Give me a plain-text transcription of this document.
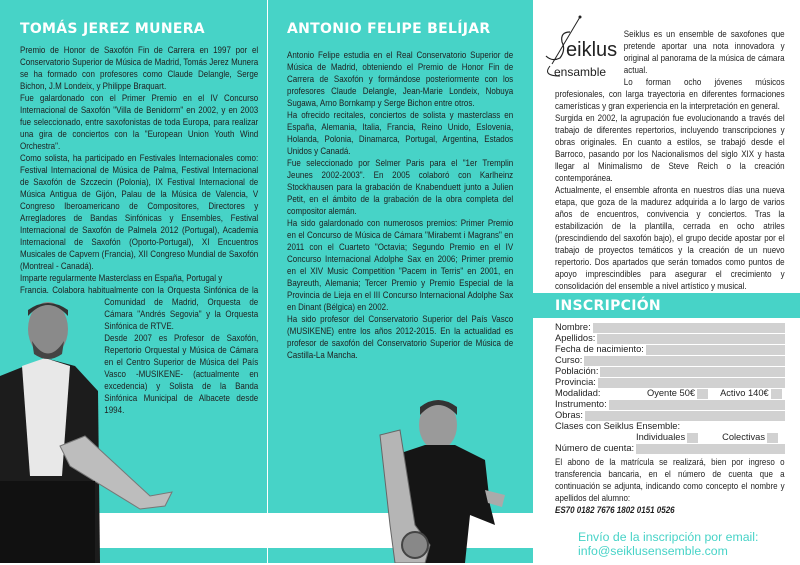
TOMÁS JEREZ MUNERA

Premio de Honor de Saxofón Fin de Carrera en 1997 por el Conservatorio Superior de Música de Madrid, Tomás Jerez Munera se ha formado con profesores como Claude Delangle, Serge Bichon, J.M Londeix, y Philippe Braquart.

Fue galardonado con el Primer Premio en el IV Concurso Internacional de Saxofón "Villa de Benidorm" en 2002, y en 2003 fue seleccionado, entre saxofonistas de toda Europa, para realizar una gira de conciertos con la "European Union Youth Wind Orchestra".

Como solista, ha participado en Festivales Internacionales como: Festival Internacional de Música de Palma, Festival Internacional de Saxofón de Szczecin (Polonia), IX Festival Internacional de Música Antigua de Gijón, Palau de la Música de Valencia, V Congreso Iberoamericano de Compositores, Directores y Arregladores de Bandas Sinfónicas y Ensembles, Festival Internacional de Saxofón de Palmela 2012 (Portugal), Academia Internacional de Saxofón (Oporto-Portugal), XI Encuentros Musicales de Capvern (Francia), XII Congreso Mundial de Saxofón (Montreal - Canadá).

Imparte regularmente Masterclass en España, Portugal y

Francia. Colabora habitualmente con la Orquesta Sinfónica de la Comunidad de Madrid, Orquesta de Cámara "Andrés Segovia" y la Orquesta Sinfónica de RTVE.

Desde 2007 es Profesor de Saxofón, Repertorio Orquestal y Música de Cámara en el Centro Superior de Música del País Vasco -MUSIKENE- (actualmente en excedencia) y Solista de la Banda Sinfónica Municipal de Albacete desde 1994.

ANTONIO FELIPE BELÍJAR

Antonio Felipe estudia en el Real Conservatorio Superior de Música de Madrid, obteniendo el Premio de Honor Fin de Carrera de Saxofón y formándose posteriormente con los profesores Claude Delangle, Jean-Marie Londeix, Nobuya Sugawa, Arno Bornkamp y Serge Bichon entre otros.

Ha ofrecido recitales, conciertos de solista y masterclass en España, Alemania, Italia, Francia, Reino Unido, Eslovenia, Holanda, Polonia, Dinamarca, Portugal, Argentina, Estados Unidos y Canadá.

Fue seleccionado por Selmer Paris para el "1er Tremplin Jeunes 2002-2003". En 2005 colaboró con Karlheinz Stockhausen para la grabación de Knabenduett junto a Julien Petit, en el ámbito de la grabación de la obra completa del compositor alemán.

Ha sido galardonado con numerosos premios: Primer Premio en el Concurso de Música de Cámara "Mirabemt i Magrans" en 2011 con el Cuarteto "Octavia; Segundo Premio en el IV Concurso Internacional Adolphe Sax en 2006; Primer premio en el XIV Music Competition "Pacem in Terris" en 2001, en Bayreuth, Alemania; Tercer Premio y Premio Especial de la Provincia de Lieja en el III Concurso Internacional Adolphe Sax en Dinant (Bélgica) en 2002.

Ha sido profesor del Conservatorio Superior del País Vasco (MUSIKENE) entre los años 2012-2015. En la actualidad es profesor de saxofón del Conservatorio Superior de Música de Castilla-La Mancha.

eiklus
ensamble

Seiklus es un ensemble de saxofones que pretende aportar una nota innovadora y original al panorama de la música de cámara actual.

Lo forman ocho jóvenes músicos profesionales, con larga trayectoria en diferentes formaciones camerísticas y gran experiencia en la interpretación en general.

Surgida en 2002, la agrupación fue evolucionando a través del trabajo de diferentes repertorios, incluyendo transcripciones y obras originales. En cuanto a estilos, se trabajó desde el Barroco, pasando por los Nacionalismos del siglo XIX y hasta llegar al Minimalismo de Steve Reich o la creación contemporánea.

Actualmente, el ensemble afronta en nuestros días una nueva etapa, que goza de la madurez adquirida a lo largo de varios años de encuentros, convivencia y conciertos. Tras la estabilización de la plantilla, cerrada en ocho atriles (prescindiendo del saxofón bajo), el grupo decide apostar por el trabajo de proyectos temáticos y la creación de un nuevo repertorio. Dos apartados que serán tomados como puntos de apoyo imprescindibles para asegurar el crecimiento y consolidación del ensemble a nivel artístico y musical.

INSCRIPCIÓN
Nombre:
Apellidos:
Fecha de nacimiento:
Curso:
Población:
Provincia:
Modalidad:	Oyente 50€	Activo 140€
Instrumento:
Obras:
Clases con Seiklus Ensemble:
Individuales	Colectivas
Número de cuenta:
El abono de la matrícula se realizará, bien por ingreso o transferencia bancaria, en el número de cuenta que a continuación se adjunta, indicando como concepto el nombre y apellidos del alumno:
ES70 0182 7676 1802 0151 0526
Envío de la inscripción por email:
info@seiklusensemble.com
